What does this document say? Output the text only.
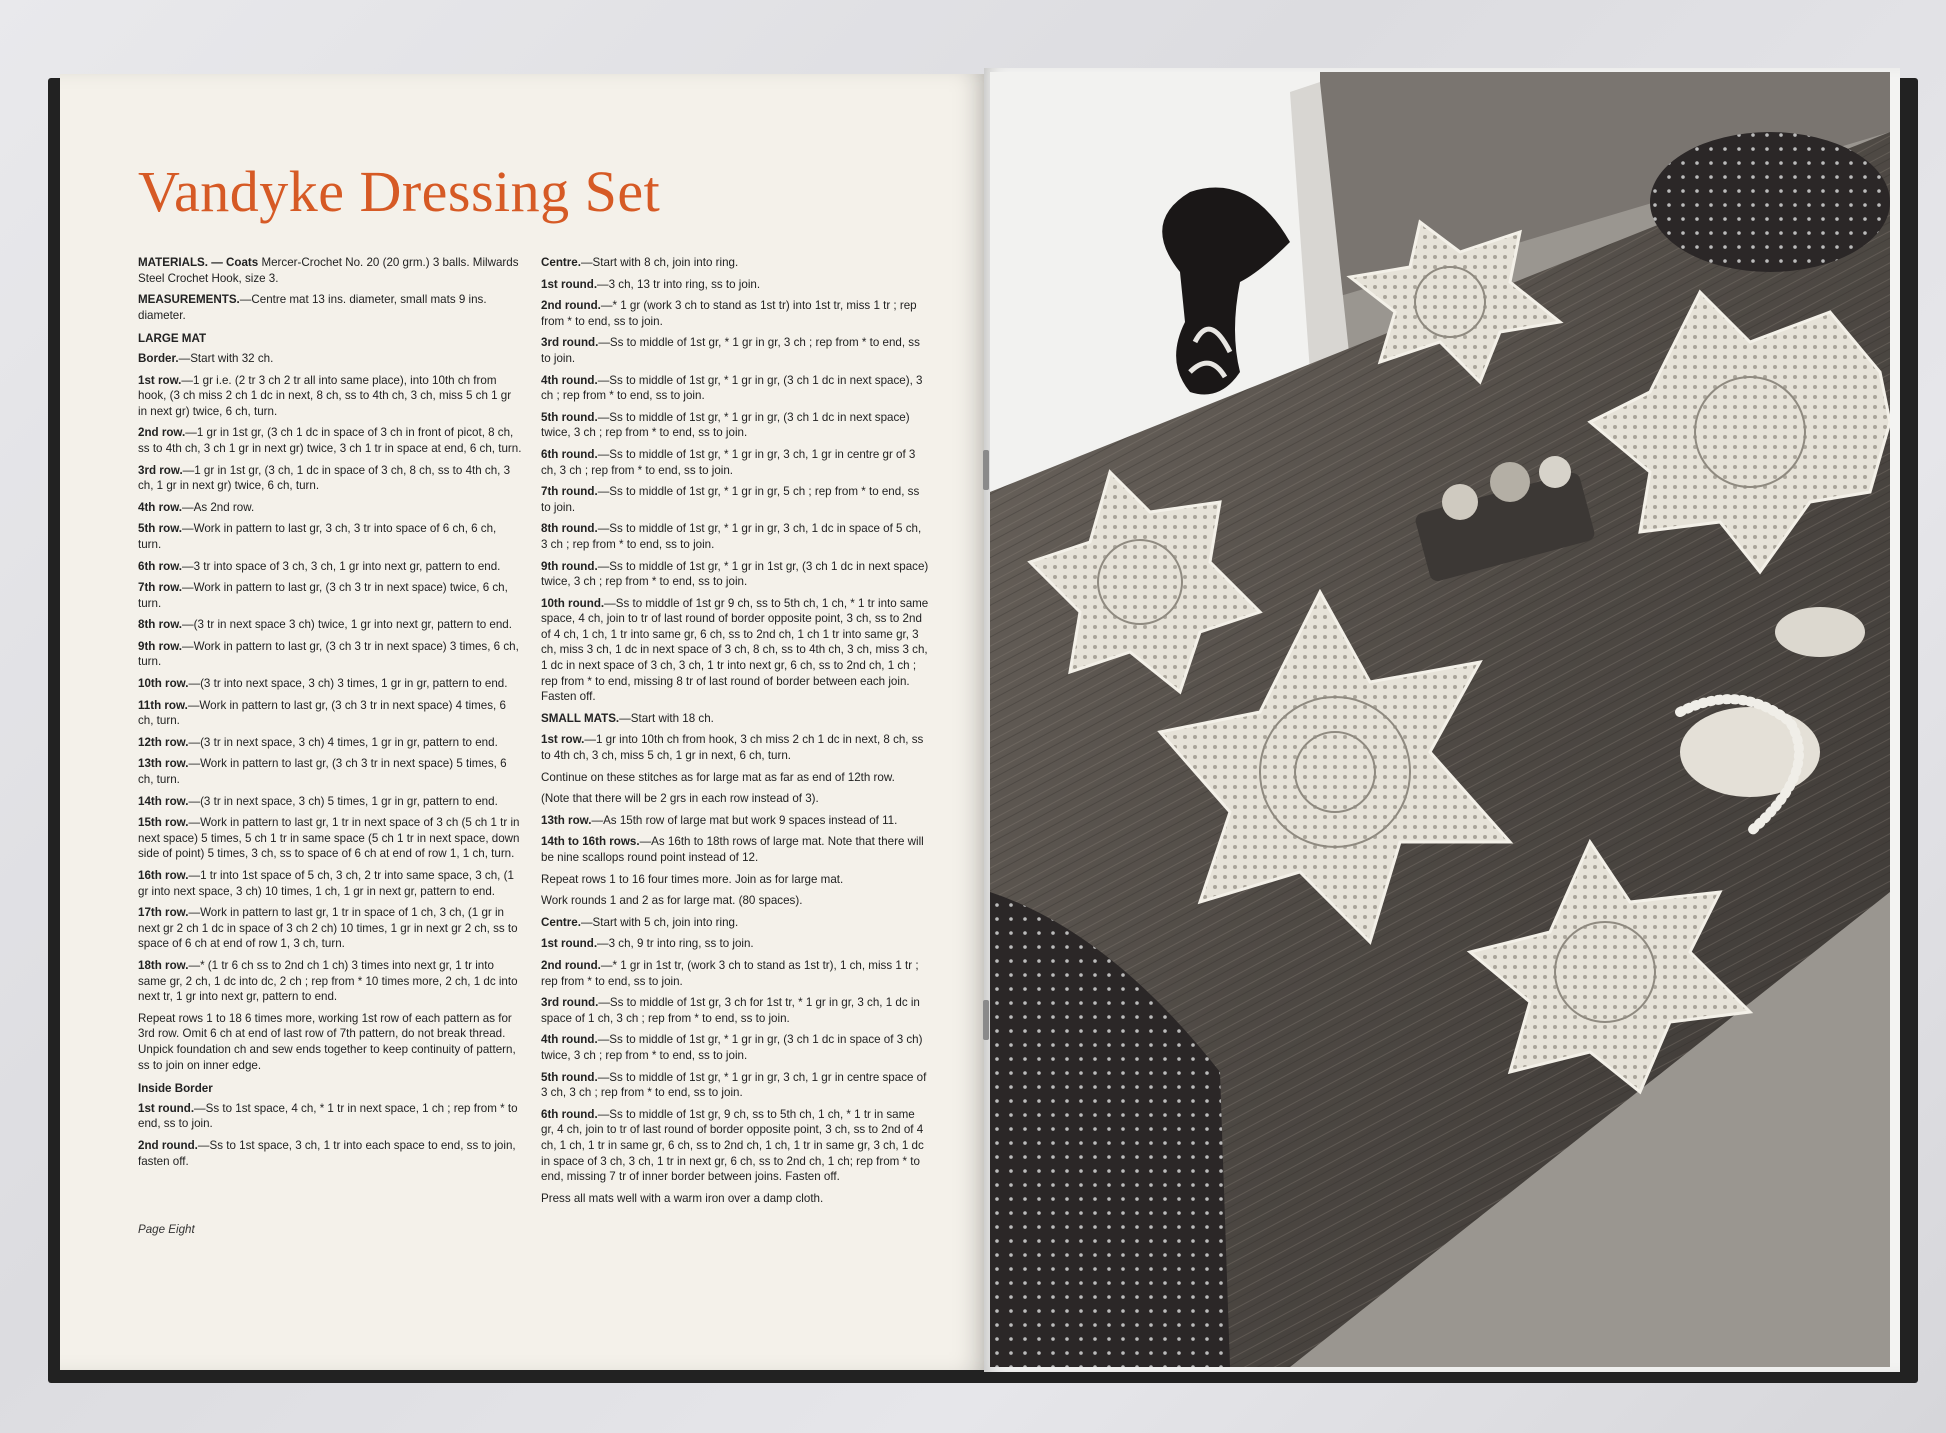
Vandyke Dressing Set

MATERIALS. — Coats Mercer-Crochet No. 20 (20 grm.) 3 balls. Milwards Steel Crochet Hook, size 3.

MEASUREMENTS.—Centre mat 13 ins. diameter, small mats 9 ins. diameter.

LARGE MAT

Border.—Start with 32 ch.

1st row.—1 gr i.e. (2 tr 3 ch 2 tr all into same place), into 10th ch from hook, (3 ch miss 2 ch 1 dc in next, 8 ch, ss to 4th ch, 3 ch, miss 5 ch 1 gr in next gr) twice, 6 ch, turn.

2nd row.—1 gr in 1st gr, (3 ch 1 dc in space of 3 ch in front of picot, 8 ch, ss to 4th ch, 3 ch 1 gr in next gr) twice, 3 ch 1 tr in space at end, 6 ch, turn.

3rd row.—1 gr in 1st gr, (3 ch, 1 dc in space of 3 ch, 8 ch, ss to 4th ch, 3 ch, 1 gr in next gr) twice, 6 ch, turn.

4th row.—As 2nd row.

5th row.—Work in pattern to last gr, 3 ch, 3 tr into space of 6 ch, 6 ch, turn.

6th row.—3 tr into space of 3 ch, 3 ch, 1 gr into next gr, pattern to end.

7th row.—Work in pattern to last gr, (3 ch 3 tr in next space) twice, 6 ch, turn.

8th row.—(3 tr in next space 3 ch) twice, 1 gr into next gr, pattern to end.

9th row.—Work in pattern to last gr, (3 ch 3 tr in next space) 3 times, 6 ch, turn.

10th row.—(3 tr into next space, 3 ch) 3 times, 1 gr in gr, pattern to end.

11th row.—Work in pattern to last gr, (3 ch 3 tr in next space) 4 times, 6 ch, turn.

12th row.—(3 tr in next space, 3 ch) 4 times, 1 gr in gr, pattern to end.

13th row.—Work in pattern to last gr, (3 ch 3 tr in next space) 5 times, 6 ch, turn.

14th row.—(3 tr in next space, 3 ch) 5 times, 1 gr in gr, pattern to end.

15th row.—Work in pattern to last gr, 1 tr in next space of 3 ch (5 ch 1 tr in next space) 5 times, 5 ch 1 tr in same space (5 ch 1 tr in next space, down side of point) 5 times, 3 ch, ss to space of 6 ch at end of row 1, 1 ch, turn.

16th row.—1 tr into 1st space of 5 ch, 3 ch, 2 tr into same space, 3 ch, (1 gr into next space, 3 ch) 10 times, 1 ch, 1 gr in next gr, pattern to end.

17th row.—Work in pattern to last gr, 1 tr in space of 1 ch, 3 ch, (1 gr in next gr 2 ch 1 dc in space of 3 ch 2 ch) 10 times, 1 gr in next gr 2 ch, ss to space of 6 ch at end of row 1, 3 ch, turn.

18th row.—* (1 tr 6 ch ss to 2nd ch 1 ch) 3 times into next gr, 1 tr into same gr, 2 ch, 1 dc into dc, 2 ch ; rep from * 10 times more, 2 ch, 1 dc into next tr, 1 gr into next gr, pattern to end.

Repeat rows 1 to 18 6 times more, working 1st row of each pattern as for 3rd row. Omit 6 ch at end of last row of 7th pattern, do not break thread. Unpick foundation ch and sew ends together to keep continuity of pattern, ss to join on inner edge.

Inside Border

1st round.—Ss to 1st space, 4 ch, * 1 tr in next space, 1 ch ; rep from * to end, ss to join.

2nd round.—Ss to 1st space, 3 ch, 1 tr into each space to end, ss to join, fasten off.

Centre.—Start with 8 ch, join into ring.

1st round.—3 ch, 13 tr into ring, ss to join.

2nd round.—* 1 gr (work 3 ch to stand as 1st tr) into 1st tr, miss 1 tr ; rep from * to end, ss to join.

3rd round.—Ss to middle of 1st gr, * 1 gr in gr, 3 ch ; rep from * to end, ss to join.

4th round.—Ss to middle of 1st gr, * 1 gr in gr, (3 ch 1 dc in next space), 3 ch ; rep from * to end, ss to join.

5th round.—Ss to middle of 1st gr, * 1 gr in gr, (3 ch 1 dc in next space) twice, 3 ch ; rep from * to end, ss to join.

6th round.—Ss to middle of 1st gr, * 1 gr in gr, 3 ch, 1 gr in centre gr of 3 ch, 3 ch ; rep from * to end, ss to join.

7th round.—Ss to middle of 1st gr, * 1 gr in gr, 5 ch ; rep from * to end, ss to join.

8th round.—Ss to middle of 1st gr, * 1 gr in gr, 3 ch, 1 dc in space of 5 ch, 3 ch ; rep from * to end, ss to join.

9th round.—Ss to middle of 1st gr, * 1 gr in 1st gr, (3 ch 1 dc in next space) twice, 3 ch ; rep from * to end, ss to join.

10th round.—Ss to middle of 1st gr 9 ch, ss to 5th ch, 1 ch, * 1 tr into same space, 4 ch, join to tr of last round of border opposite point, 3 ch, ss to 2nd of 4 ch, 1 ch, 1 tr into same gr, 6 ch, ss to 2nd ch, 1 ch 1 tr into same gr, 3 ch, miss 3 ch, 1 dc in next space of 3 ch, 8 ch, ss to 4th ch, 3 ch, miss 3 ch, 1 dc in next space of 3 ch, 3 ch, 1 tr into next gr, 6 ch, ss to 2nd ch, 1 ch ; rep from * to end, missing 8 tr of last round of border between each join. Fasten off.

SMALL MATS.—Start with 18 ch.

1st row.—1 gr into 10th ch from hook, 3 ch miss 2 ch 1 dc in next, 8 ch, ss to 4th ch, 3 ch, miss 5 ch, 1 gr in next, 6 ch, turn.

Continue on these stitches as for large mat as far as end of 12th row.

(Note that there will be 2 grs in each row instead of 3).

13th row.—As 15th row of large mat but work 9 spaces instead of 11.

14th to 16th rows.—As 16th to 18th rows of large mat. Note that there will be nine scallops round point instead of 12.

Repeat rows 1 to 16 four times more. Join as for large mat.

Work rounds 1 and 2 as for large mat. (80 spaces).

Centre.—Start with 5 ch, join into ring.

1st round.—3 ch, 9 tr into ring, ss to join.

2nd round.—* 1 gr in 1st tr, (work 3 ch to stand as 1st tr), 1 ch, miss 1 tr ; rep from * to end, ss to join.

3rd round.—Ss to middle of 1st gr, 3 ch for 1st tr, * 1 gr in gr, 3 ch, 1 dc in space of 1 ch, 3 ch ; rep from * to end, ss to join.

4th round.—Ss to middle of 1st gr, * 1 gr in gr, (3 ch 1 dc in space of 3 ch) twice, 3 ch ; rep from * to end, ss to join.

5th round.—Ss to middle of 1st gr, * 1 gr in gr, 3 ch, 1 gr in centre space of 3 ch, 3 ch ; rep from * to end, ss to join.

6th round.—Ss to middle of 1st gr, 9 ch, ss to 5th ch, 1 ch, * 1 tr in same gr, 4 ch, join to tr of last round of border opposite point, 3 ch, ss to 2nd of 4 ch, 1 ch, 1 tr in same gr, 6 ch, ss to 2nd ch, 1 ch, 1 tr in same gr, 3 ch, 1 dc in space of 3 ch, 3 ch, 1 tr in next gr, 6 ch, ss to 2nd ch, 1 ch; rep from * to end, missing 7 tr of inner border between joins. Fasten off.

Press all mats well with a warm iron over a damp cloth.

Page Eight
